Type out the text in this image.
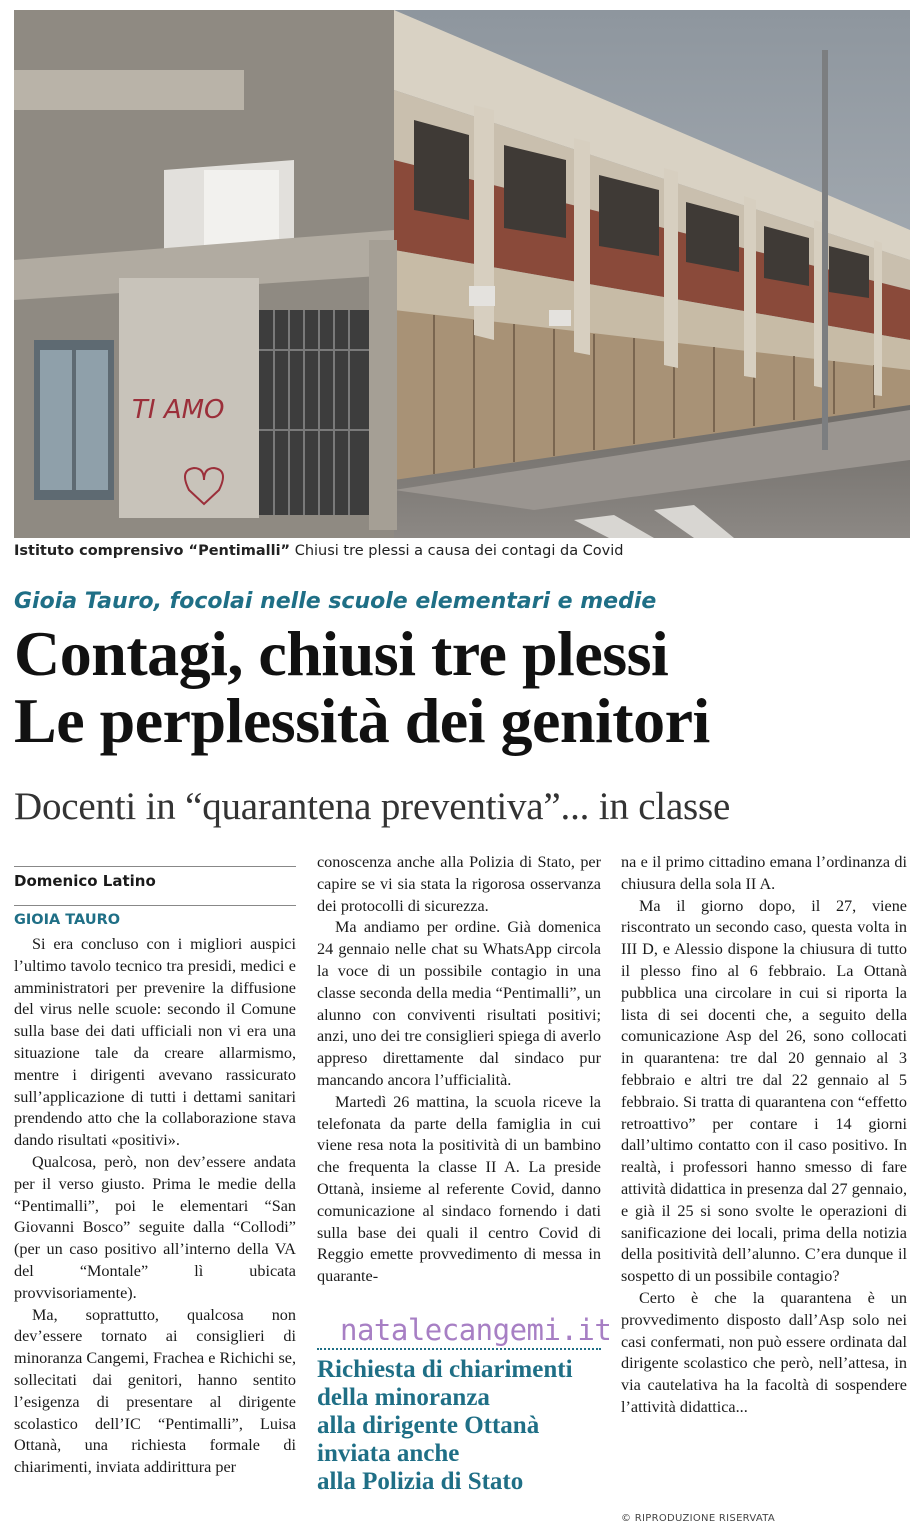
TI AMO
Istituto comprensivo “Pentimalli” Chiusi tre plessi a causa dei contagi da Covid
Gioia Tauro, focolai nelle scuole elementari e medie
Contagi, chiusi tre plessi
Le perplessità dei genitori
Docenti in “quarantena preventiva”... in classe
Domenico Latino
GIOIA TAURO

Si era concluso con i migliori auspici l’ultimo tavolo tecnico tra presidi, medici e amministratori per prevenire la diffusione del virus nelle scuole: secondo il Comune sulla base dei dati ufficiali non vi era una situazione tale da creare allarmismo, mentre i dirigenti avevano rassicurato sull’applicazione di tutti i dettami sanitari prendendo atto che la collaborazione stava dando risultati «positivi».

Qualcosa, però, non dev’essere andata per il verso giusto. Prima le medie della “Pentimalli”, poi le elementari “San Giovanni Bosco” seguite dalla “Collodi” (per un caso positivo all’interno della VA del “Montale” lì ubicata provvisoriamente).

Ma, soprattutto, qualcosa non dev’essere tornato ai consiglieri di minoranza Cangemi, Frachea e Richichi se, sollecitati dai genitori, hanno sentito l’esigenza di presentare al dirigente scolastico dell’IC “Pentimalli”, Luisa Ottanà, una richiesta formale di chiarimenti, inviata addirittura per

conoscenza anche alla Polizia di Stato, per capire se vi sia stata la rigorosa osservanza dei protocolli di sicurezza.

Ma andiamo per ordine. Già domenica 24 gennaio nelle chat su WhatsApp circola la voce di un possibile contagio in una classe seconda della media “Pentimalli”, un alunno con conviventi risultati positivi; anzi, uno dei tre consiglieri spiega di averlo appreso direttamente dal sindaco pur mancando ancora l’ufficialità.

Martedì 26 mattina, la scuola riceve la telefonata da parte della famiglia in cui viene resa nota la positività di un bambino che frequenta la classe II A. La preside Ottanà, insieme al referente Covid, danno comunicazione al sindaco fornendo i dati sulla base dei quali il centro Covid di Reggio emette provvedimento di messa in quarante-

natalecangemi.it
Richiesta di chiarimenti
della minoranza
alla dirigente Ottanà
inviata anche
alla Polizia di Stato

na e il primo cittadino emana l’ordinanza di chiusura della sola II A.

Ma il giorno dopo, il 27, viene riscontrato un secondo caso, questa volta in III D, e Alessio dispone la chiusura di tutto il plesso fino al 6 febbraio. La Ottanà pubblica una circolare in cui si riporta la lista di sei docenti che, a seguito della comunicazione Asp del 26, sono collocati in quarantena: tre dal 20 gennaio al 3 febbraio e altri tre dal 22 gennaio al 5 febbraio. Si tratta di quarantena con “effetto retroattivo” per contare i 14 giorni dall’ultimo contatto con il caso positivo. In realtà, i professori hanno smesso di fare attività didattica in presenza dal 27 gennaio, e già il 25 si sono svolte le operazioni di sanificazione dei locali, prima della notizia della positività dell’alunno. C’era dunque il sospetto di un possibile contagio?

Certo è che la quarantena è un provvedimento disposto dall’Asp solo nei casi confermati, non può essere ordinata dal dirigente scolastico che però, nell’attesa, in via cautelativa ha la facoltà di sospendere l’attività didattica...

© RIPRODUZIONE RISERVATA
